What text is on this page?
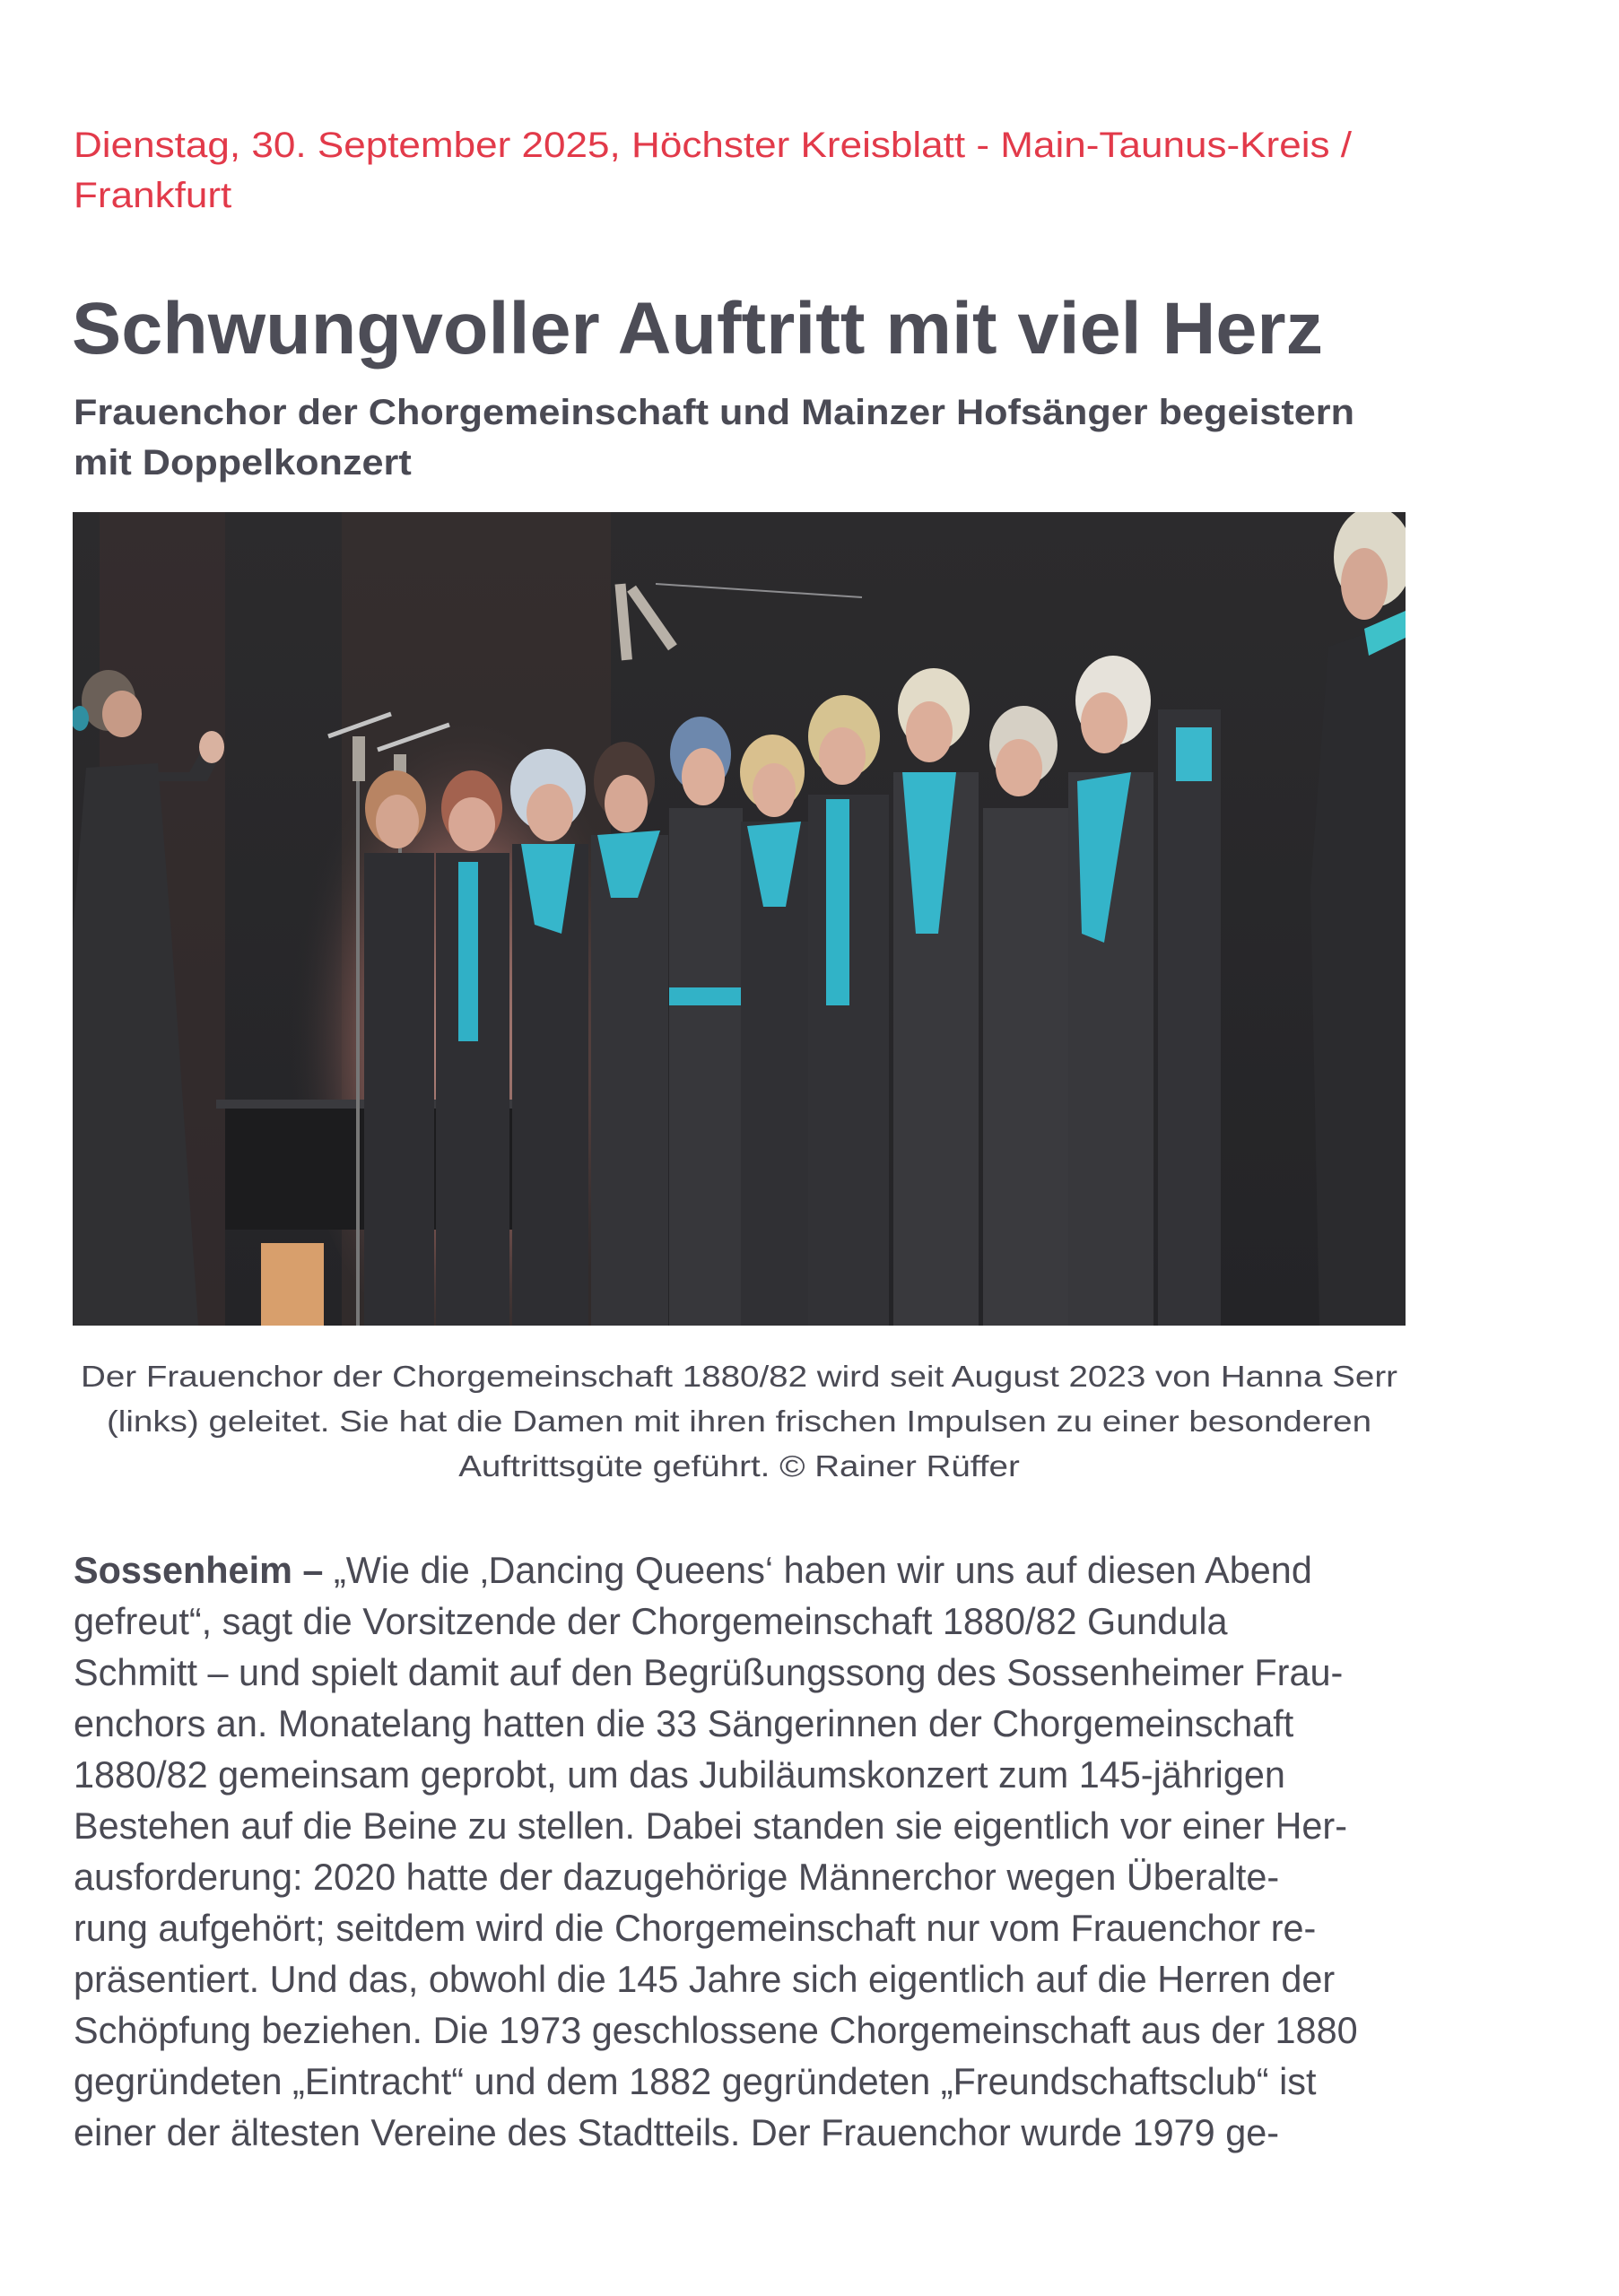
Dienstag, 30. September 2025, Höchster Kreisblatt - Main-Taunus-Kreis /
Frankfurt
Schwungvoller Auftritt mit viel Herz
Frauenchor der Chorgemeinschaft und Mainzer Hofsänger begeistern
mit Doppelkonzert
Der Frauenchor der Chorgemeinschaft 1880/82 wird seit August 2023 von Hanna Serr
(links) geleitet. Sie hat die Damen mit ihren frischen Impulsen zu einer besonderen
Auftrittsgüte geführt. © Rainer Rüffer
Sossenheim – „Wie die ‚Dancing Queens‘ haben wir uns auf diesen Abend
gefreut“, sagt die Vorsitzende der Chorgemeinschaft 1880/82 Gundula
Schmitt – und spielt damit auf den Begrüßungssong des Sossenheimer Frau-
enchors an. Monatelang hatten die 33 Sängerinnen der Chorgemeinschaft
1880/82 gemeinsam geprobt, um das Jubiläumskonzert zum 145-jährigen
Bestehen auf die Beine zu stellen. Dabei standen sie eigentlich vor einer Her-
ausforderung: 2020 hatte der dazugehörige Männerchor wegen Überalte-
rung aufgehört; seitdem wird die Chorgemeinschaft nur vom Frauenchor re-
präsentiert. Und das, obwohl die 145 Jahre sich eigentlich auf die Herren der
Schöpfung beziehen. Die 1973 geschlossene Chorgemeinschaft aus der 1880
gegründeten „Eintracht“ und dem 1882 gegründeten „Freundschaftsclub“ ist
einer der ältesten Vereine des Stadtteils. Der Frauenchor wurde 1979 ge-
